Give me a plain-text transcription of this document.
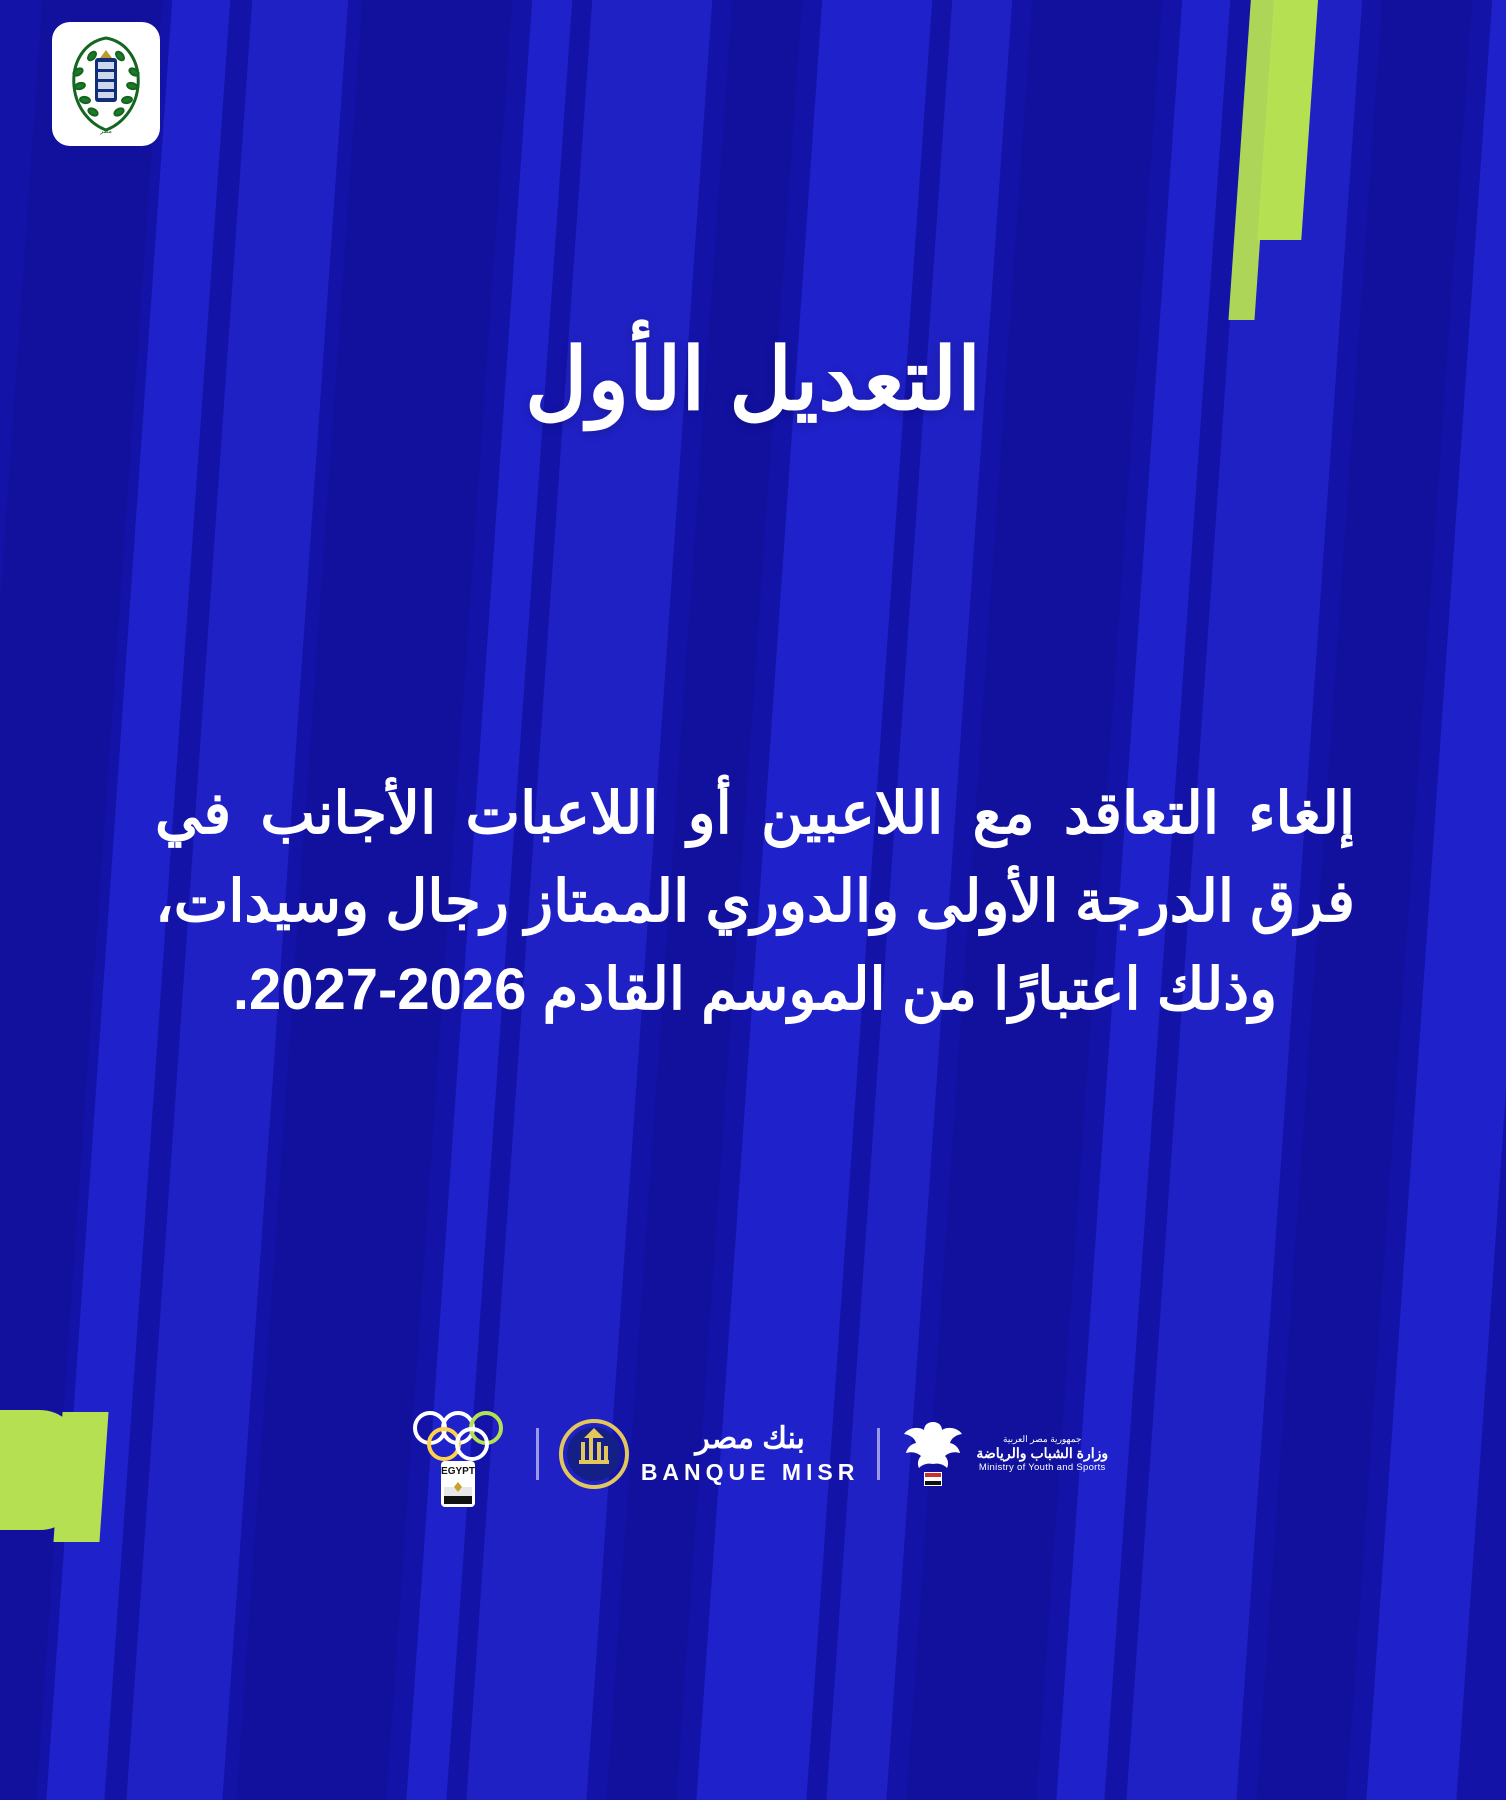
مصر
التعديل الأول

إلغاء التعاقد مع اللاعبين أو اللاعبات الأجانب في فرق الدرجة الأولى والدوري الممتاز رجال وسيدات، وذلك اعتبارًا من الموسم القادم 2026-2027.

EGYPT
بنك مصر
BANQUE MISR
جمهورية مصر العربية
وزارة الشباب والرياضة
Ministry of Youth and Sports
